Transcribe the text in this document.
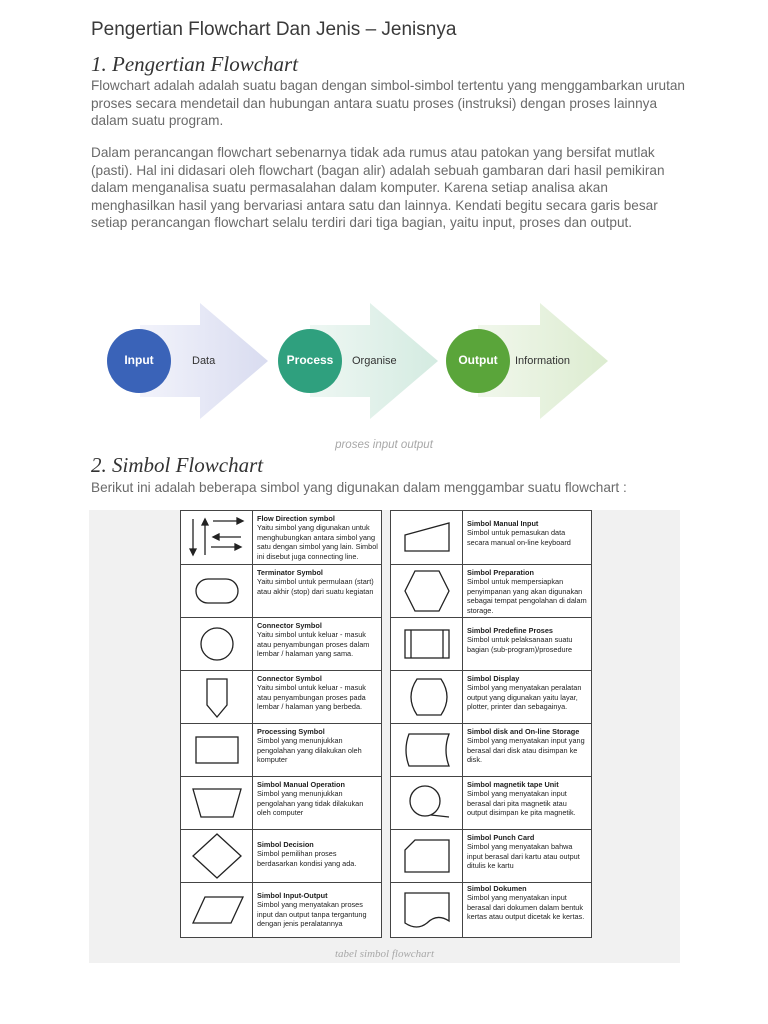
Pengertian Flowchart Dan Jenis – Jenisnya
1. Pengertian Flowchart

Flowchart adalah adalah suatu bagan dengan simbol-simbol tertentu yang menggambarkan urutan proses secara mendetail dan hubungan antara suatu proses (instruksi) dengan proses lainnya dalam suatu program.

Dalam perancangan flowchart sebenarnya tidak ada rumus atau patokan yang bersifat mutlak (pasti). Hal ini didasari oleh flowchart (bagan alir) adalah sebuah gambaran dari hasil pemikiran dalam menganalisa suatu permasalahan dalam komputer. Karena setiap analisa akan menghasilkan hasil yang bervariasi antara satu dan lainnya. Kendati begitu secara garis besar setiap perancangan flowchart selalu terdiri dari tiga bagian, yaitu input, proses dan output.

Input	Data	Process	Organise	Output	Information
proses input output
2. Simbol Flowchart

Berikut ini adalah beberapa simbol yang digunakan dalam menggambar suatu flowchart :

Flow Direction symbol
Yaitu simbol yang digunakan untuk menghubungkan antara simbol yang satu dengan simbol yang lain. Simbol ini disebut juga connecting line.
Terminator Symbol
Yaitu simbol untuk permulaan (start) atau akhir (stop) dari suatu kegiatan
Connector Symbol
Yaitu simbol untuk keluar - masuk atau penyambungan proses dalam lembar / halaman yang sama.
Connector Symbol
Yaitu simbol untuk keluar - masuk atau penyambungan proses pada lembar / halaman yang berbeda.
Processing Symbol
Simbol yang menunjukkan pengolahan yang dilakukan oleh komputer
Simbol Manual Operation
Simbol yang menunjukkan pengolahan yang tidak dilakukan oleh computer
Simbol Decision
Simbol pemilihan proses berdasarkan kondisi yang ada.
Simbol Input-Output
Simbol yang menyatakan proses input dan output tanpa tergantung dengan jenis peralatannya
Simbol Manual Input
Simbol untuk pemasukan data secara manual on-line keyboard
Simbol Preparation
Simbol untuk mempersiapkan penyimpanan yang akan digunakan sebagai tempat pengolahan di dalam storage.
Simbol Predefine Proses
Simbol untuk pelaksanaan suatu bagian (sub-program)/prosedure
Simbol Display
Simbol yang menyatakan peralatan output yang digunakan yaitu layar, plotter, printer dan sebagainya.
Simbol disk and On-line Storage
Simbol yang menyatakan input yang berasal dari disk atau disimpan ke disk.
Simbol magnetik tape Unit
Simbol yang menyatakan input berasal dari pita magnetik atau output disimpan ke pita magnetik.
Simbol Punch Card
Simbol yang menyatakan bahwa input berasal dari kartu atau output ditulis ke kartu
Simbol Dokumen
Simbol yang menyatakan input berasal dari dokumen dalam bentuk kertas atau output dicetak ke kertas.
tabel simbol flowchart
